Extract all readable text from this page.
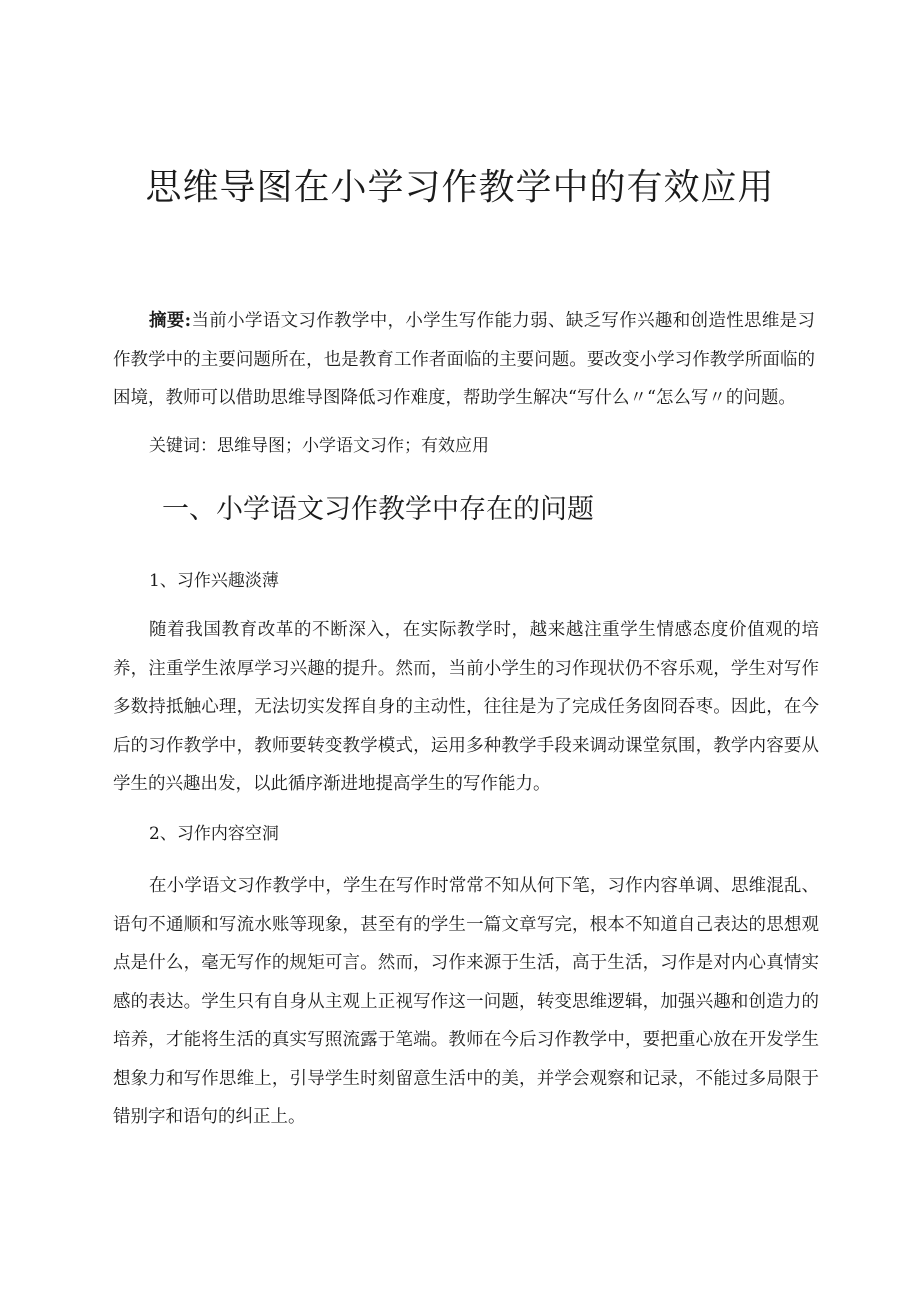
思维导图在小学习作教学中的有效应用

摘要:当前小学语文习作教学中，小学生写作能力弱、缺乏写作兴趣和创造性思维是习作教学中的主要问题所在，也是教育工作者面临的主要问题。要改变小学习作教学所面临的困境，教师可以借助思维导图降低习作难度，帮助学生解决“写什么〃“怎么写〃的问题。

关键词：思维导图；小学语文习作；有效应用

一、小学语文习作教学中存在的问题
1、习作兴趣淡薄

随着我国教育改革的不断深入，在实际教学时，越来越注重学生情感态度价值观的培养，注重学生浓厚学习兴趣的提升。然而，当前小学生的习作现状仍不容乐观，学生对写作多数持抵触心理，无法切实发挥自身的主动性，往往是为了完成任务囱冏吞枣。因此，在今后的习作教学中，教师要转变教学模式，运用多种教学手段来调动课堂氛围，教学内容要从学生的兴趣出发，以此循序渐进地提高学生的写作能力。

2、习作内容空洞

在小学语文习作教学中，学生在写作时常常不知从何下笔，习作内容单调、思维混乱、语句不通顺和写流水账等现象，甚至有的学生一篇文章写完，根本不知道自己表达的思想观点是什么，毫无写作的规矩可言。然而，习作来源于生活，高于生活，习作是对内心真情实感的表达。学生只有自身从主观上正视写作这一问题，转变思维逻辑，加强兴趣和创造力的培养，才能将生活的真实写照流露于笔端。教师在今后习作教学中，要把重心放在开发学生想象力和写作思维上，引导学生时刻留意生活中的美，并学会观察和记录，不能过多局限于错别字和语句的纠正上。
